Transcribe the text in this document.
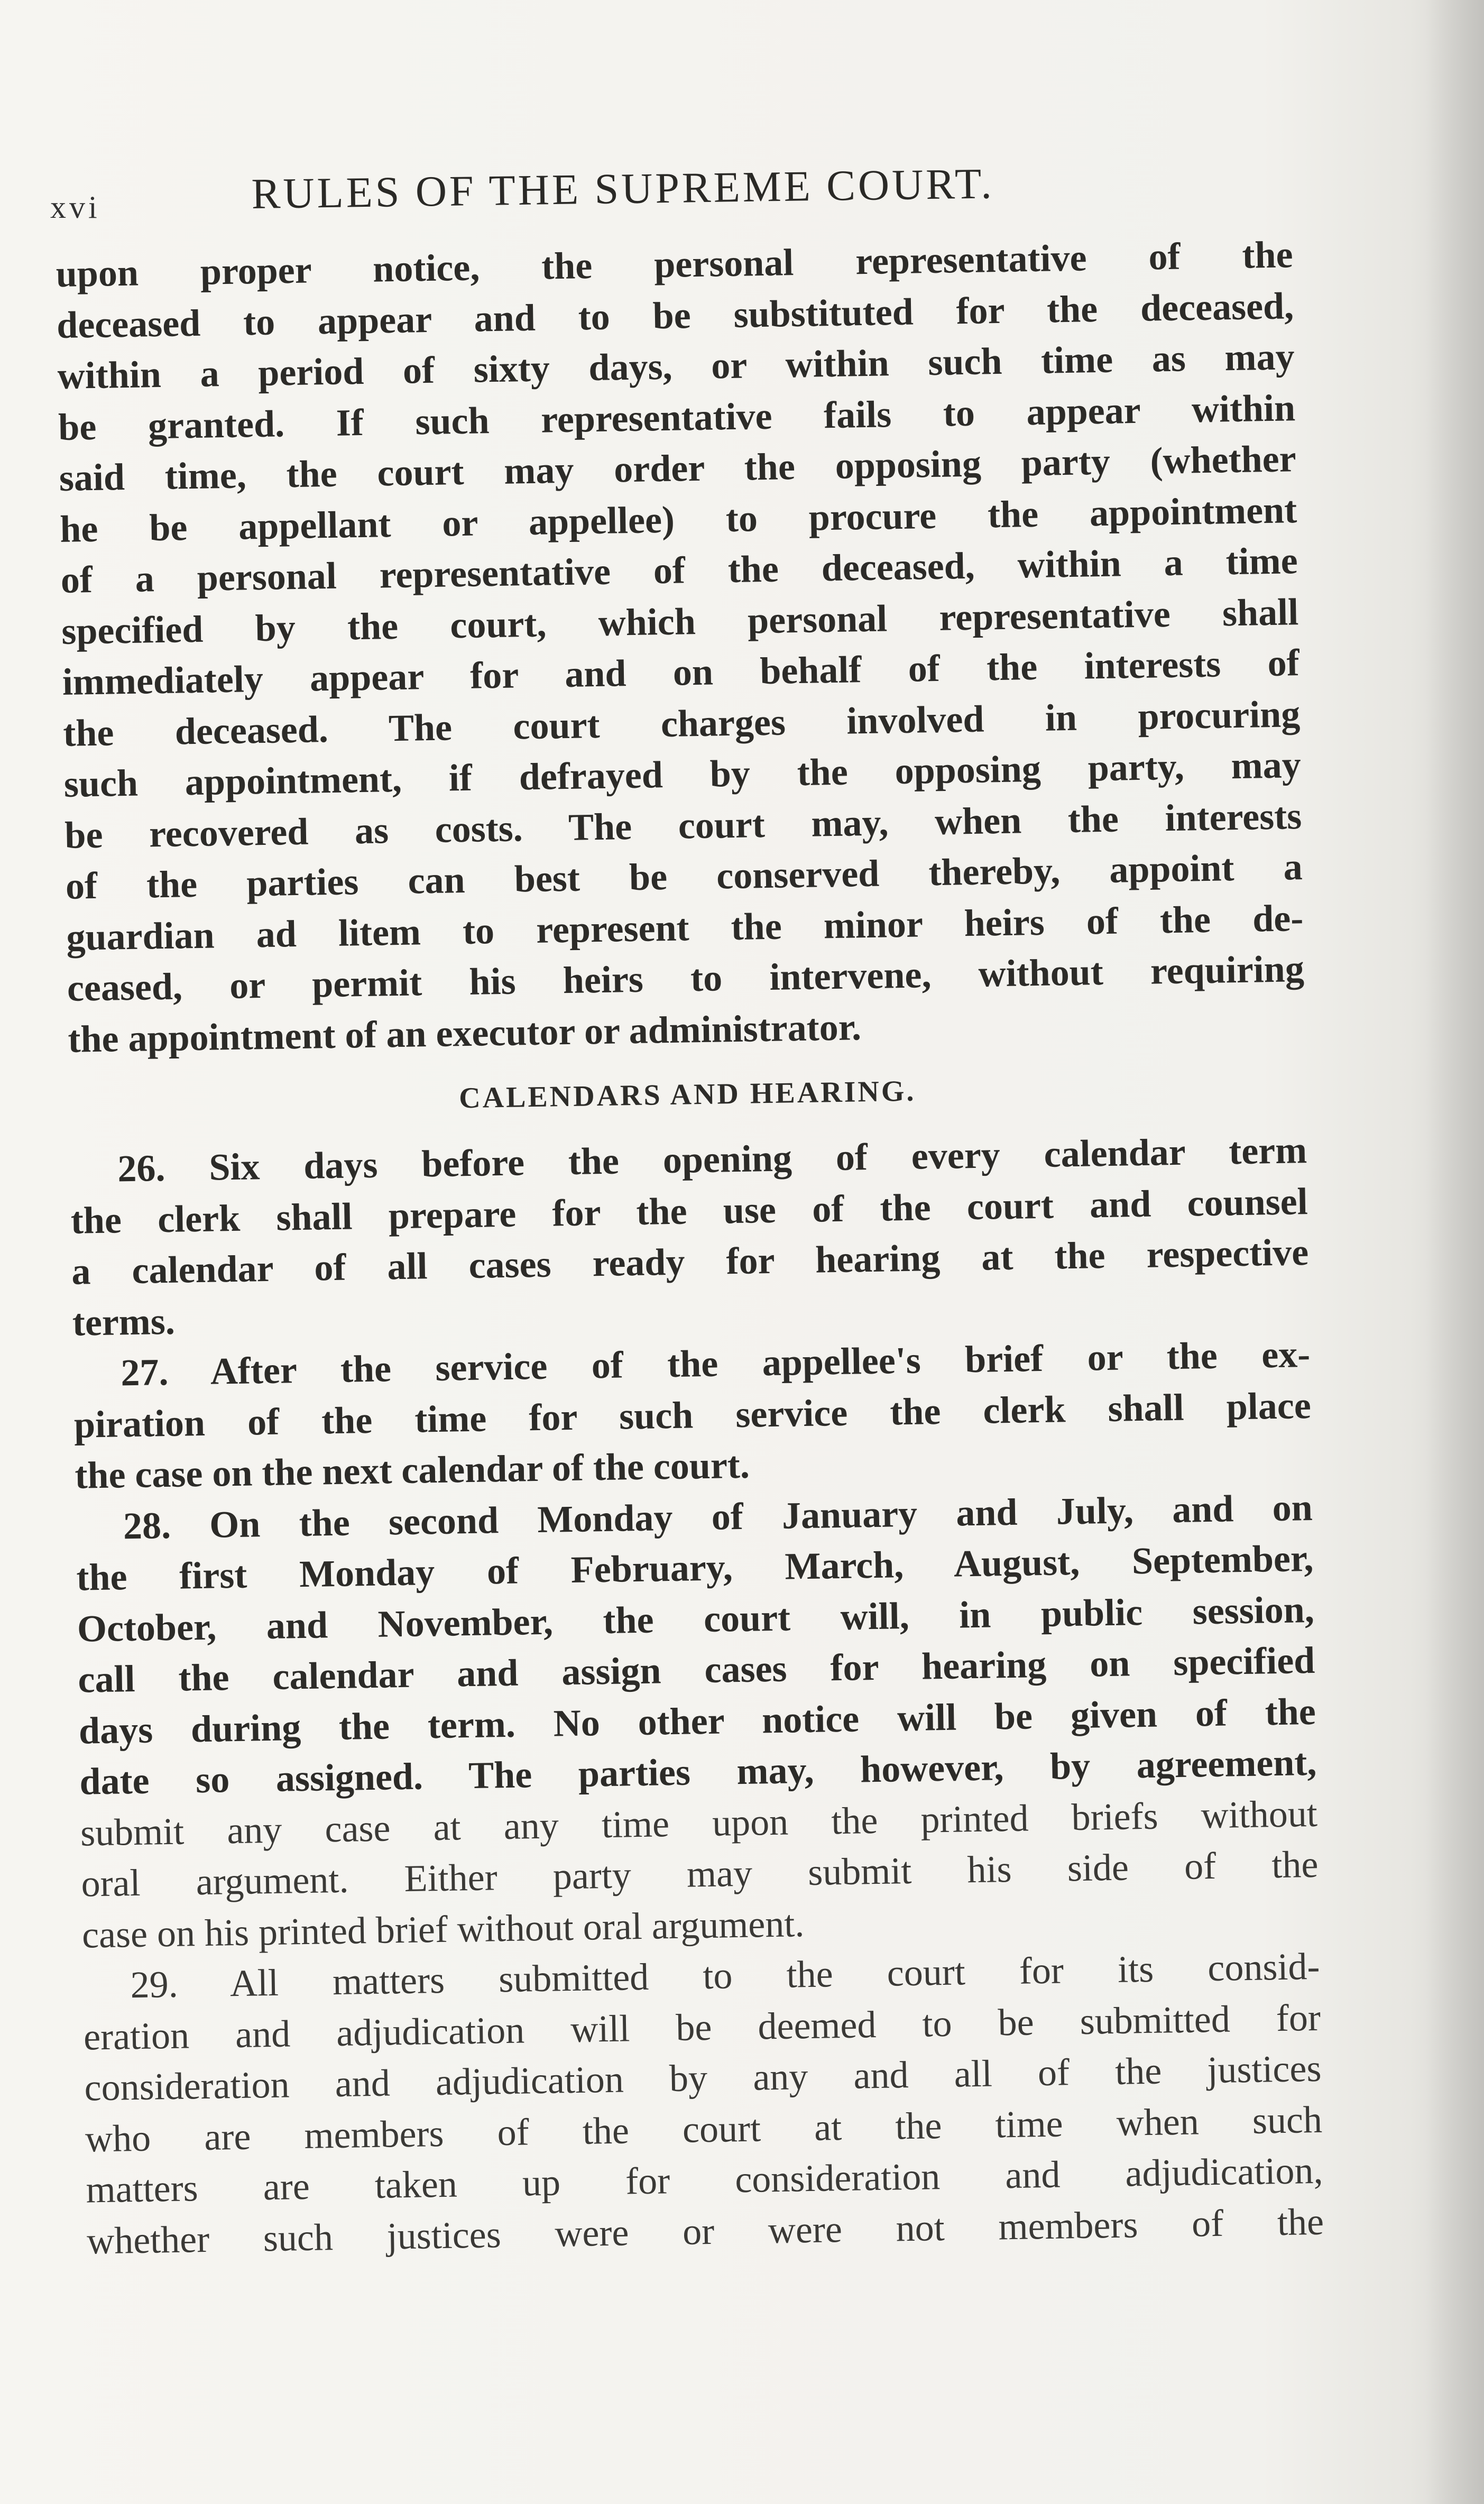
xvi	RULES OF THE SUPREME COURT.
upon proper notice, the personal representative of the
deceased to appear and to be substituted for the deceased,
within a period of sixty days, or within such time as may
be granted. If such representative fails to appear within
said time, the court may order the opposing party (whether
he be appellant or appellee) to procure the appointment
of a personal representative of the deceased, within a time
specified by the court, which personal representative shall
immediately appear for and on behalf of the interests of
the deceased. The court charges involved in procuring
such appointment, if defrayed by the opposing party, may
be recovered as costs. The court may, when the interests
of the parties can best be conserved thereby, appoint a
guardian ad litem to represent the minor heirs of the de-
ceased, or permit his heirs to intervene, without requiring
the appointment of an executor or administrator.
CALENDARS AND HEARING.
26. Six days before the opening of every calendar term
the clerk shall prepare for the use of the court and counsel
a calendar of all cases ready for hearing at the respective
terms.
27. After the service of the appellee's brief or the ex-
piration of the time for such service the clerk shall place
the case on the next calendar of the court.
28. On the second Monday of January and July, and on
the first Monday of February, March, August, September,
October, and November, the court will, in public session,
call the calendar and assign cases for hearing on specified
days during the term. No other notice will be given of the
date so assigned. The parties may, however, by agreement,
submit any case at any time upon the printed briefs without
oral argument. Either party may submit his side of the
case on his printed brief without oral argument.
29. All matters submitted to the court for its consid-
eration and adjudication will be deemed to be submitted for
consideration and adjudication by any and all of the justices
who are members of the court at the time when such
matters are taken up for consideration and adjudication,
whether such justices were or were not members of the
